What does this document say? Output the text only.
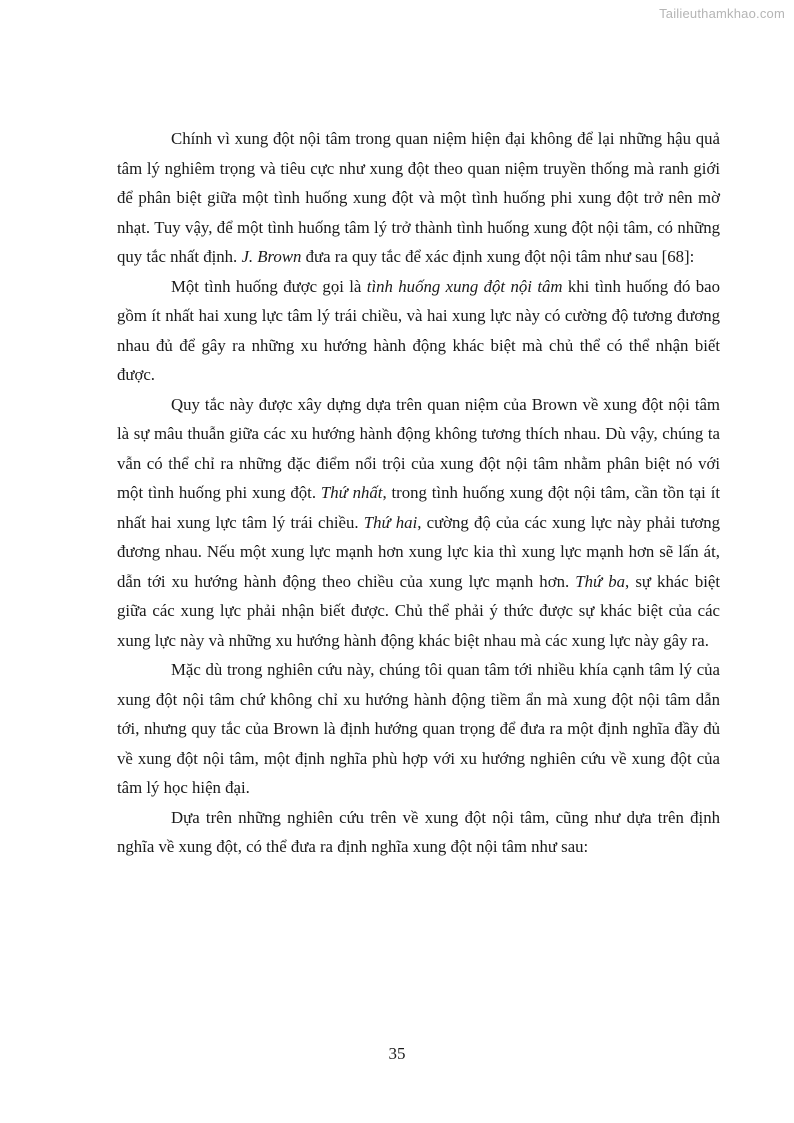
Tailieuthamkhao.com

Chính vì xung đột nội tâm trong quan niệm hiện đại không để lại những hậu quả tâm lý nghiêm trọng và tiêu cực như xung đột theo quan niệm truyền thống mà ranh giới để phân biệt giữa một tình huống xung đột và một tình huống phi xung đột trở nên mờ nhạt. Tuy vậy, để một tình huống tâm lý trở thành tình huống xung đột nội tâm, có những quy tắc nhất định. J. Brown đưa ra quy tắc để xác định xung đột nội tâm như sau [68]:

Một tình huống được gọi là tình huống xung đột nội tâm khi tình huống đó bao gồm ít nhất hai xung lực tâm lý trái chiều, và hai xung lực này có cường độ tương đương nhau đủ để gây ra những xu hướng hành động khác biệt mà chủ thể có thể nhận biết được.

Quy tắc này được xây dựng dựa trên quan niệm của Brown về xung đột nội tâm là sự mâu thuẫn giữa các xu hướng hành động không tương thích nhau. Dù vậy, chúng ta vẫn có thể chỉ ra những đặc điểm nổi trội của xung đột nội tâm nhằm phân biệt nó với một tình huống phi xung đột. Thứ nhất, trong tình huống xung đột nội tâm, cần tồn tại ít nhất hai xung lực tâm lý trái chiều. Thứ hai, cường độ của các xung lực này phải tương đương nhau. Nếu một xung lực mạnh hơn xung lực kia thì xung lực mạnh hơn sẽ lấn át, dẫn tới xu hướng hành động theo chiều của xung lực mạnh hơn. Thứ ba, sự khác biệt giữa các xung lực phải nhận biết được. Chủ thể phải ý thức được sự khác biệt của các xung lực này và những xu hướng hành động khác biệt nhau mà các xung lực này gây ra.

Mặc dù trong nghiên cứu này, chúng tôi quan tâm tới nhiều khía cạnh tâm lý của xung đột nội tâm chứ không chỉ xu hướng hành động tiềm ẩn mà xung đột nội tâm dẫn tới, nhưng quy tắc của Brown là định hướng quan trọng để đưa ra một định nghĩa đầy đủ về xung đột nội tâm, một định nghĩa phù hợp với xu hướng nghiên cứu về xung đột của tâm lý học hiện đại.

Dựa trên những nghiên cứu trên về xung đột nội tâm, cũng như dựa trên định nghĩa về xung đột, có thể đưa ra định nghĩa xung đột nội tâm như sau:

35
